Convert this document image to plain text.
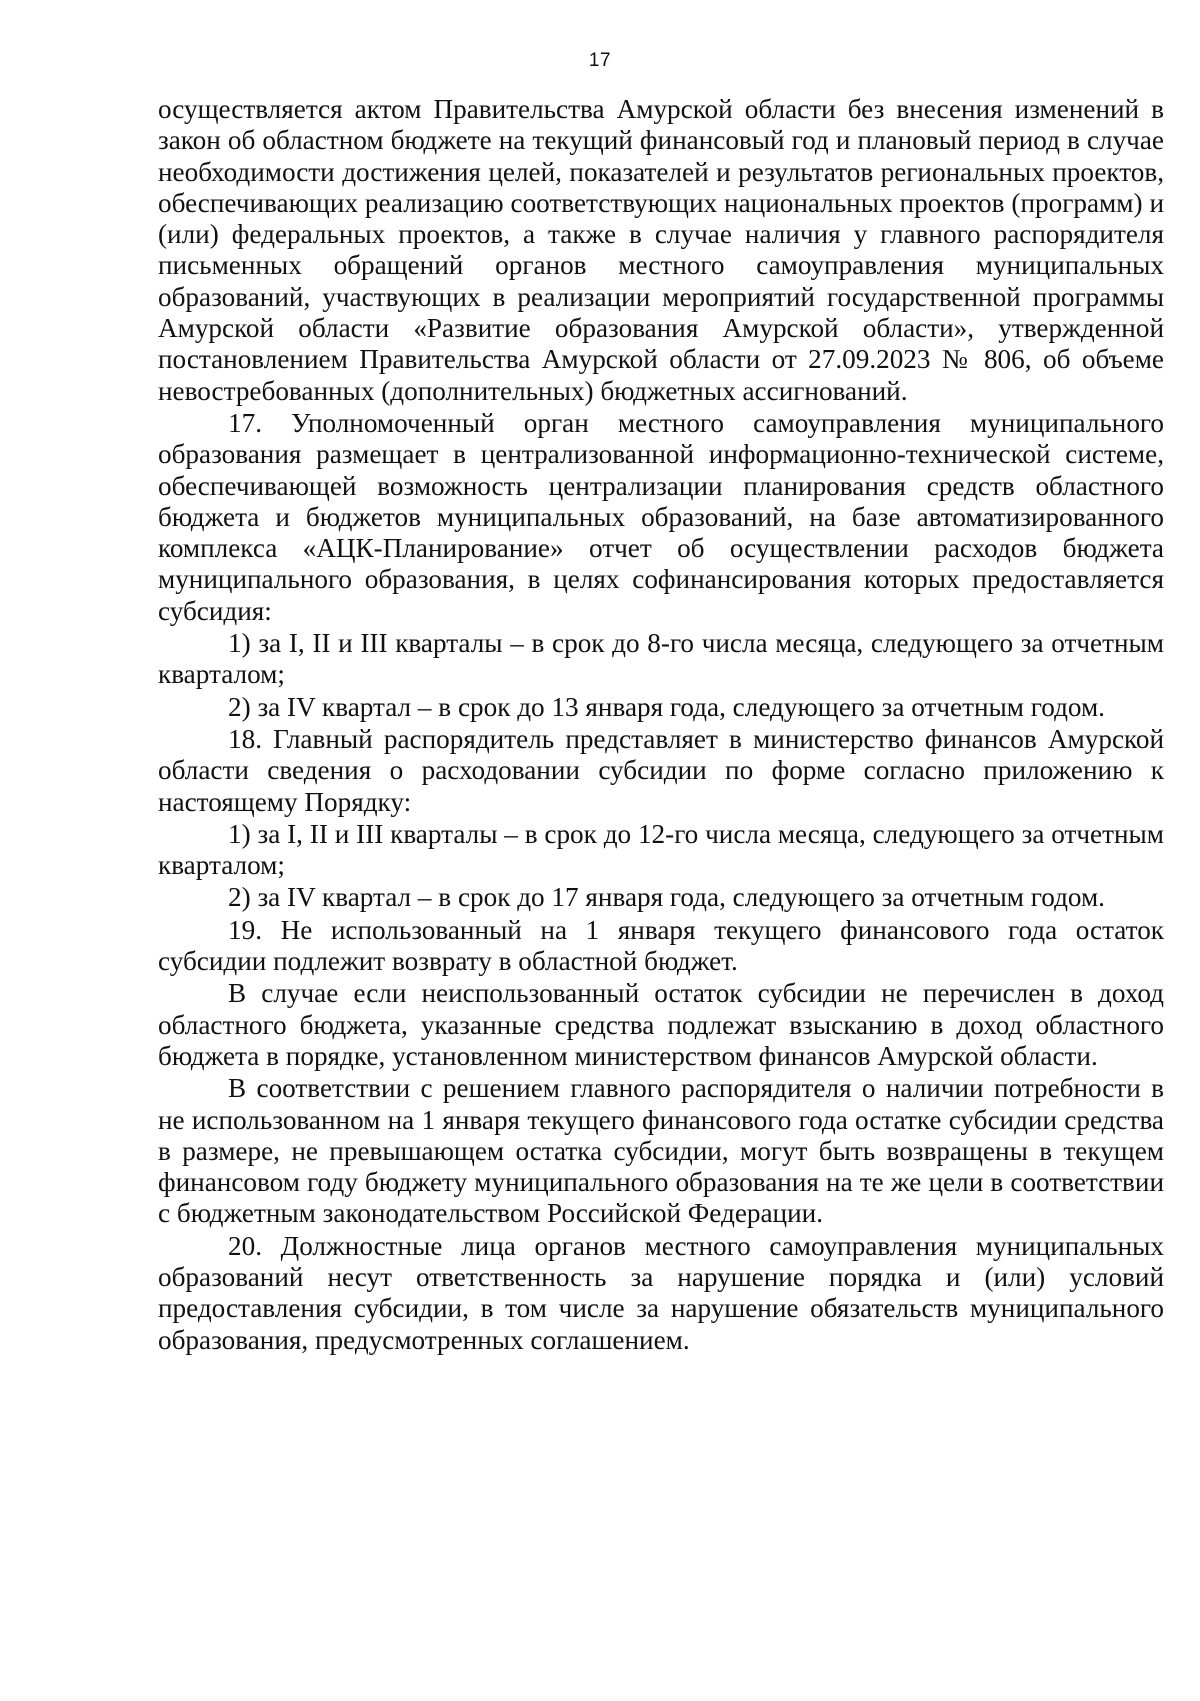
17

осуществляется актом Правительства Амурской области без внесения изменений в закон об областном бюджете на текущий финансовый год и плановый период в случае необходимости достижения целей, показателей и результатов региональных проектов, обеспечивающих реализацию соответствующих национальных проектов (программ) и (или) федеральных проектов, а также в случае наличия у главного распорядителя письменных обращений органов местного самоуправления муниципальных образований, участвующих в реализации мероприятий государственной программы Амурской области «Развитие образования Амурской области», утвержденной постановлением Правительства Амурской области от 27.09.2023 № 806, об объеме невостребованных (дополнительных) бюджетных ассигнований.

17. Уполномоченный орган местного самоуправления муниципального образования размещает в централизованной информационно-технической системе, обеспечивающей возможность централизации планирования средств областного бюджета и бюджетов муниципальных образований, на базе автоматизированного комплекса «АЦК-Планирование» отчет об осуществлении расходов бюджета муниципального образования, в целях софинансирования которых предоставляется субсидия:

1) за I, II и III кварталы – в срок до 8-го числа месяца, следующего за отчетным кварталом;

2) за IV квартал – в срок до 13 января года, следующего за отчетным годом.

18. Главный распорядитель представляет в министерство финансов Амурской области сведения о расходовании субсидии по форме согласно приложению к настоящему Порядку:

1) за I, II и III кварталы – в срок до 12-го числа месяца, следующего за отчетным кварталом;

2) за IV квартал – в срок до 17 января года, следующего за отчетным годом.

19. Не использованный на 1 января текущего финансового года остаток субсидии подлежит возврату в областной бюджет.

В случае если неиспользованный остаток субсидии не перечислен в доход областного бюджета, указанные средства подлежат взысканию в доход областного бюджета в порядке, установленном министерством финансов Амурской области.

В соответствии с решением главного распорядителя о наличии потребности в не использованном на 1 января текущего финансового года остатке субсидии средства в размере, не превышающем остатка субсидии, могут быть возвращены в текущем финансовом году бюджету муниципального образования на те же цели в соответствии с бюджетным законодательством Российской Федерации.

20. Должностные лица органов местного самоуправления муниципальных образований несут ответственность за нарушение порядка и (или) условий предоставления субсидии, в том числе за нарушение обязательств муниципального образования, предусмотренных соглашением.
